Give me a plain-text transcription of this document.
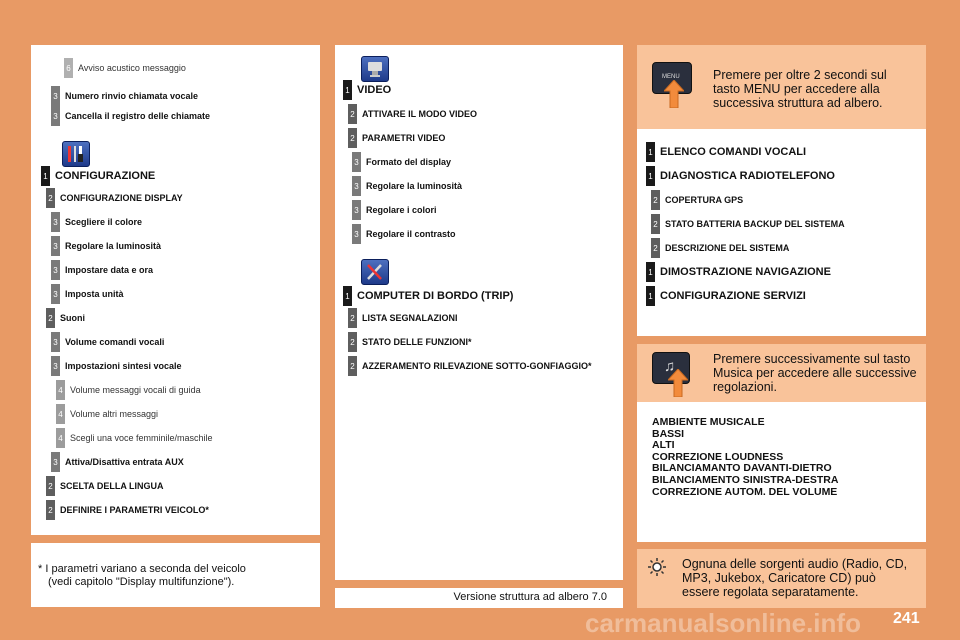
6 Avviso acustico messaggio
3 Numero rinvio chiamata vocale
3 Cancella il registro delle chiamate
1 CONFIGURAZIONE
2 CONFIGURAZIONE DISPLAY
3 Scegliere il colore
3 Regolare la luminosità
3 Impostare data e ora
3 Imposta unità
2 Suoni
3 Volume comandi vocali
3 Impostazioni sintesi vocale
4 Volume messaggi vocali di guida
4 Volume altri messaggi
4 Scegli una voce femminile/maschile
3 Attiva/Disattiva entrata AUX
2 SCELTA DELLA LINGUA
2 DEFINIRE I PARAMETRI VEICOLO*
* I parametri variano a seconda del veicolo
(vedi capitolo "Display multifunzione").
1 VIDEO
2 ATTIVARE IL MODO VIDEO
2 PARAMETRI VIDEO
3 Formato del display
3 Regolare la luminosità
3 Regolare i colori
3 Regolare il contrasto
1 COMPUTER DI BORDO (TRIP)
2 LISTA SEGNALAZIONI
2 STATO DELLE FUNZIONI*
2 AZZERAMENTO RILEVAZIONE SOTTO-GONFIAGGIO*
Versione struttura ad albero 7.0
MENU	Premere per oltre 2 secondi sul tasto MENU per accedere alla successiva struttura ad albero.
1 ELENCO COMANDI VOCALI
1 DIAGNOSTICA RADIOTELEFONO
2 COPERTURA GPS
2 STATO BATTERIA BACKUP DEL SISTEMA
2 DESCRIZIONE DEL SISTEMA
1 DIMOSTRAZIONE NAVIGAZIONE
1 CONFIGURAZIONE SERVIZI
♫	Premere successivamente sul tasto Musica per accedere alle successive regolazioni.
AMBIENTE MUSICALE
BASSI
ALTI
CORREZIONE LOUDNESS
BILANCIAMANTO DAVANTI-DIETRO
BILANCIAMENTO SINISTRA-DESTRA
CORREZIONE AUTOM. DEL VOLUME
Ognuna delle sorgenti audio (Radio, CD, MP3, Jukebox, Caricatore CD) può essere regolata separatamente.
241
carmanualsonline.info
